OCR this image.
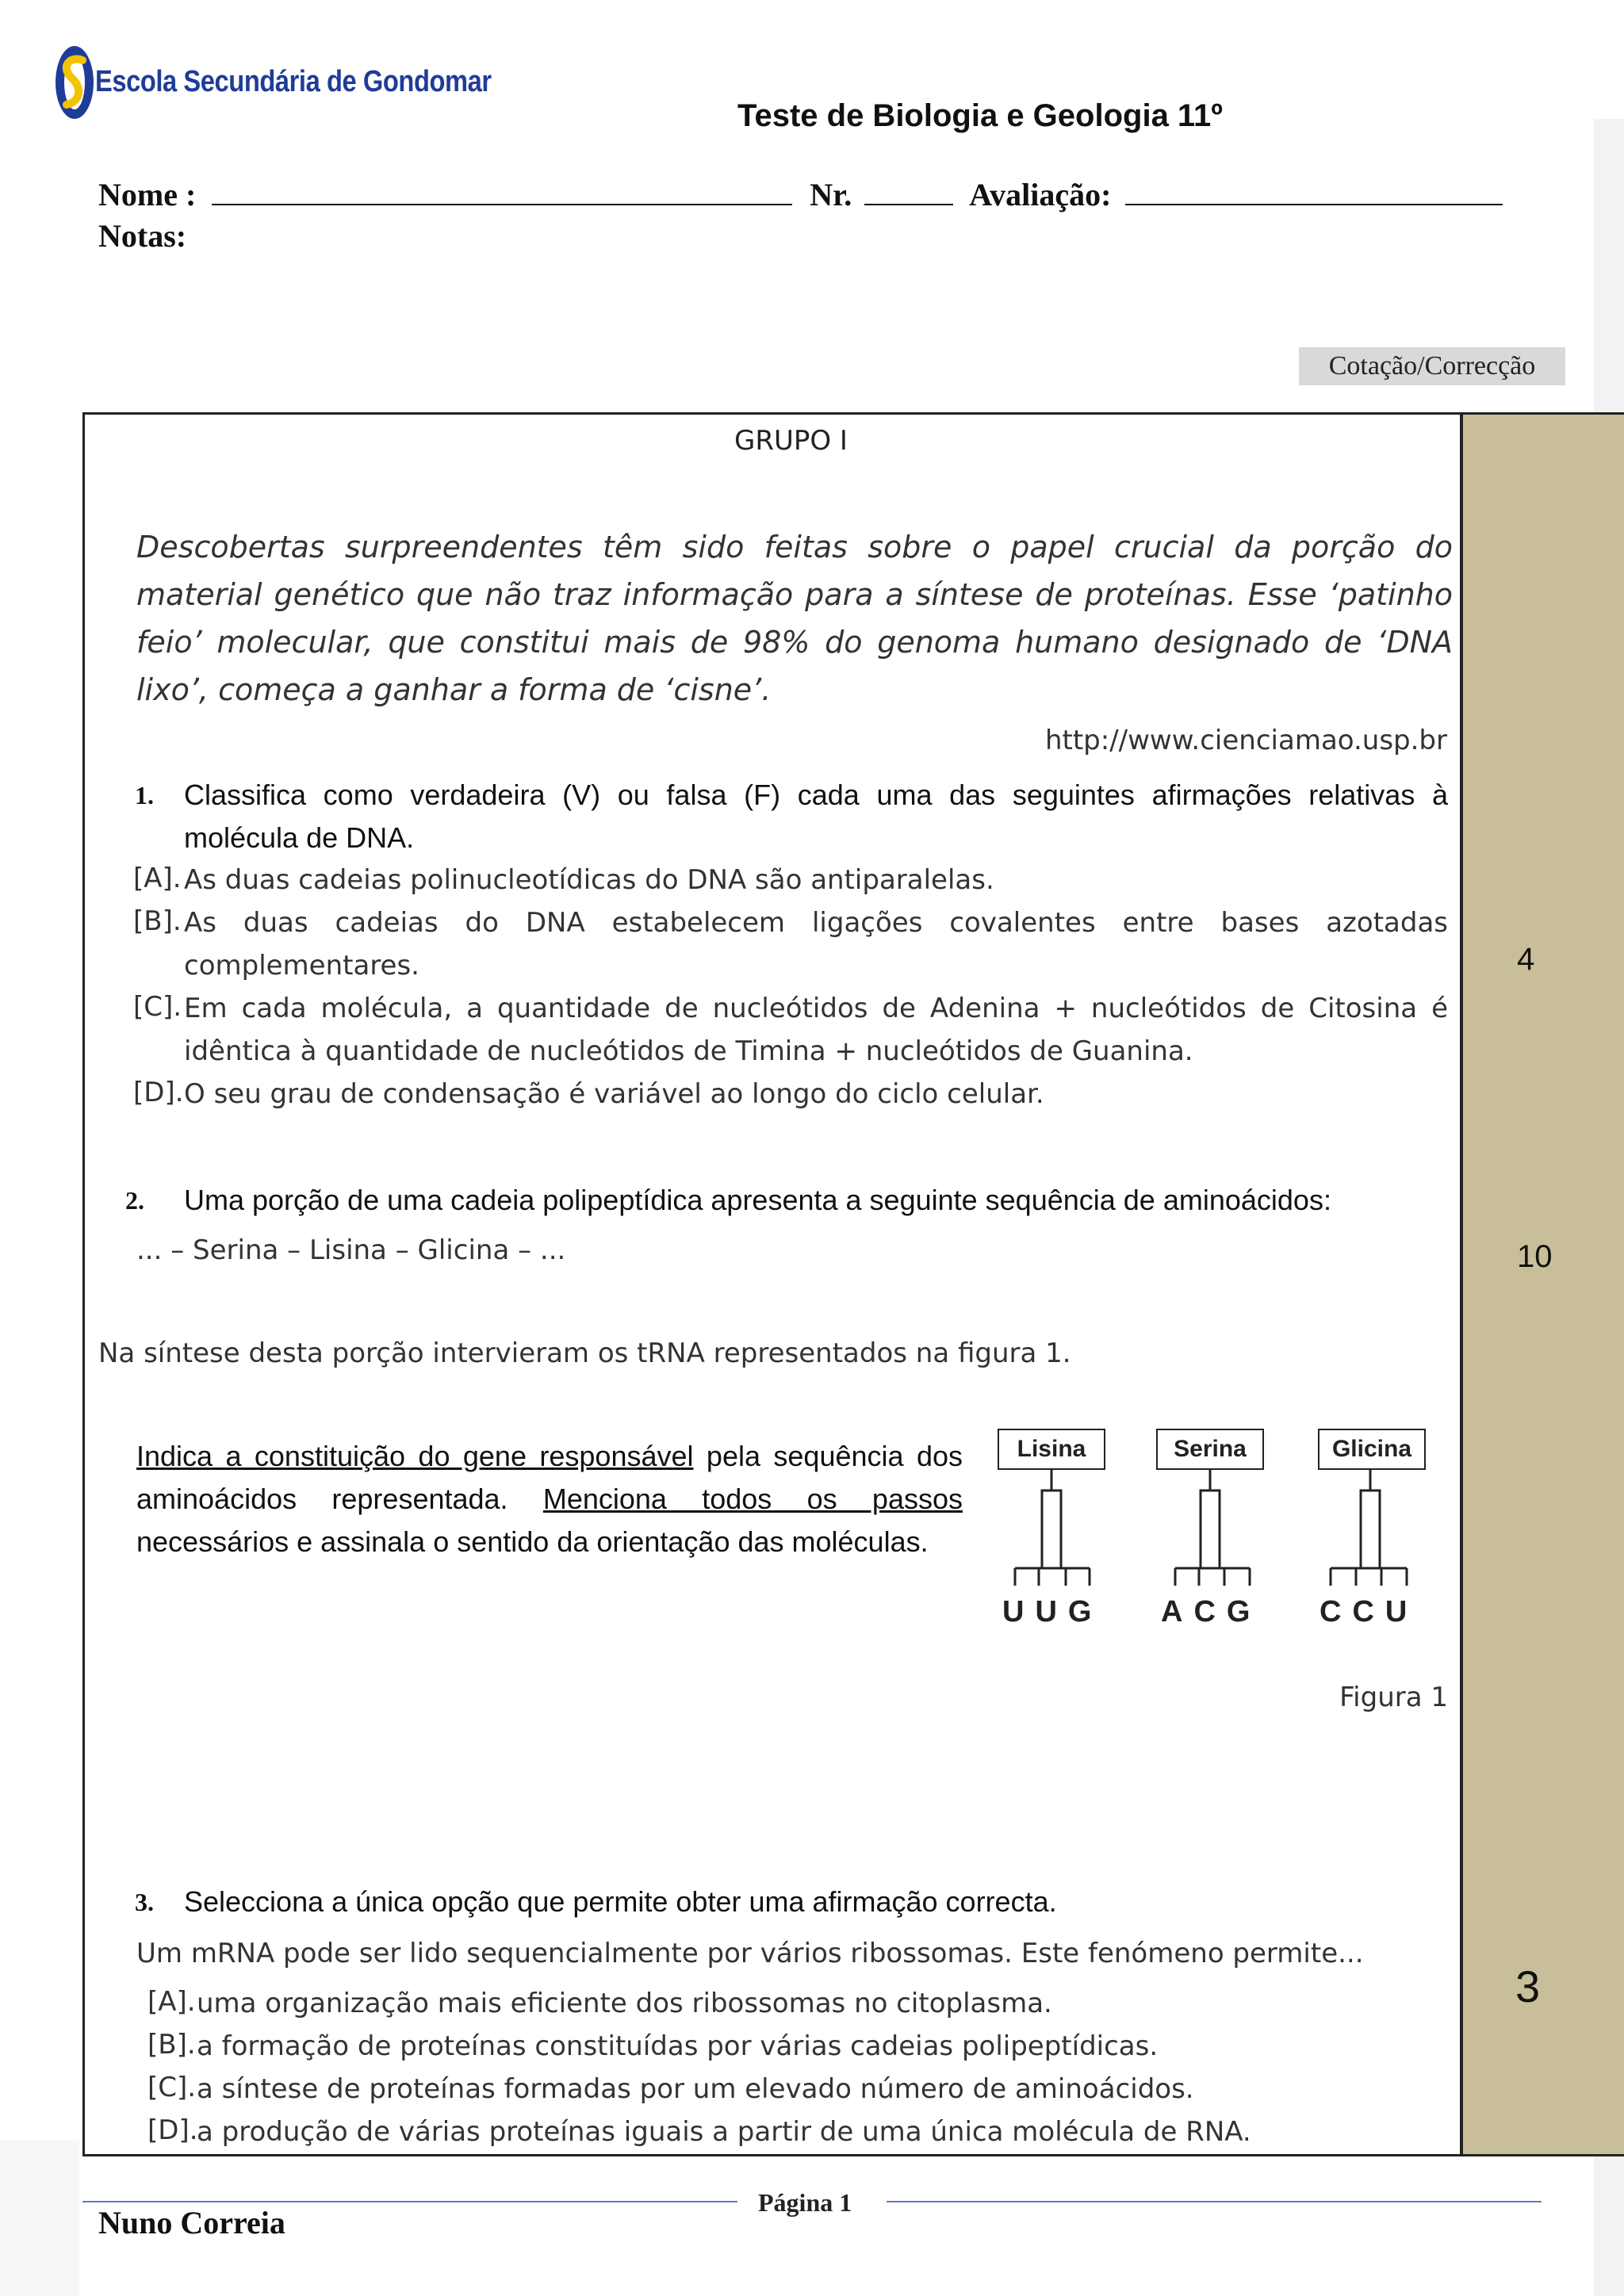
Escola Secundária de Gondomar
Teste de Biologia e Geologia 11º
Nome :	Nr.	Avaliação:
Notas:
Cotação/Correcção
4
10
3
GRUPO I
Descobertas surpreendentes têm sido feitas sobre o papel crucial da porção do material genético que não traz informação para a síntese de proteínas. Esse ‘patinho feio’ molecular, que constitui mais de 98% do genoma humano designado de ‘DNA lixo’, começa a ganhar a forma de ‘cisne’.
http://www.cienciamao.usp.br
1. Classifica como verdadeira (V) ou falsa (F) cada uma das seguintes afirmações relativas à molécula de DNA.
[A]. As duas cadeias polinucleotídicas do DNA são antiparalelas.
[B]. As duas cadeias do DNA estabelecem ligações covalentes entre bases azotadas complementares.
[C]. Em cada molécula, a quantidade de nucleótidos de Adenina + nucleótidos de Citosina é idêntica à quantidade de nucleótidos de Timina + nucleótidos de Guanina.
[D]. O seu grau de condensação é variável ao longo do ciclo celular.
2. Uma porção de uma cadeia polipeptídica apresenta a seguinte sequência de aminoácidos:
... – Serina – Lisina – Glicina – ...
Na síntese desta porção intervieram os tRNA representados na figura 1.
Indica a constituição do gene responsável pela sequência dos aminoácidos representada. Menciona todos os passos necessários e assinala o sentido da orientação das moléculas.
Lisina	Serina	Glicina
UUG ACG CCU
Figura 1
3. Selecciona a única opção que permite obter uma afirmação correcta.
Um mRNA pode ser lido sequencialmente por vários ribossomas. Este fenómeno permite...
[A]. uma organização mais eficiente dos ribossomas no citoplasma.
[B]. a formação de proteínas constituídas por várias cadeias polipeptídicas.
[C]. a síntese de proteínas formadas por um elevado número de aminoácidos.
[D].
a produção de várias proteínas iguais a partir de uma única molécula de RNA.
Página 1
Nuno Correia
